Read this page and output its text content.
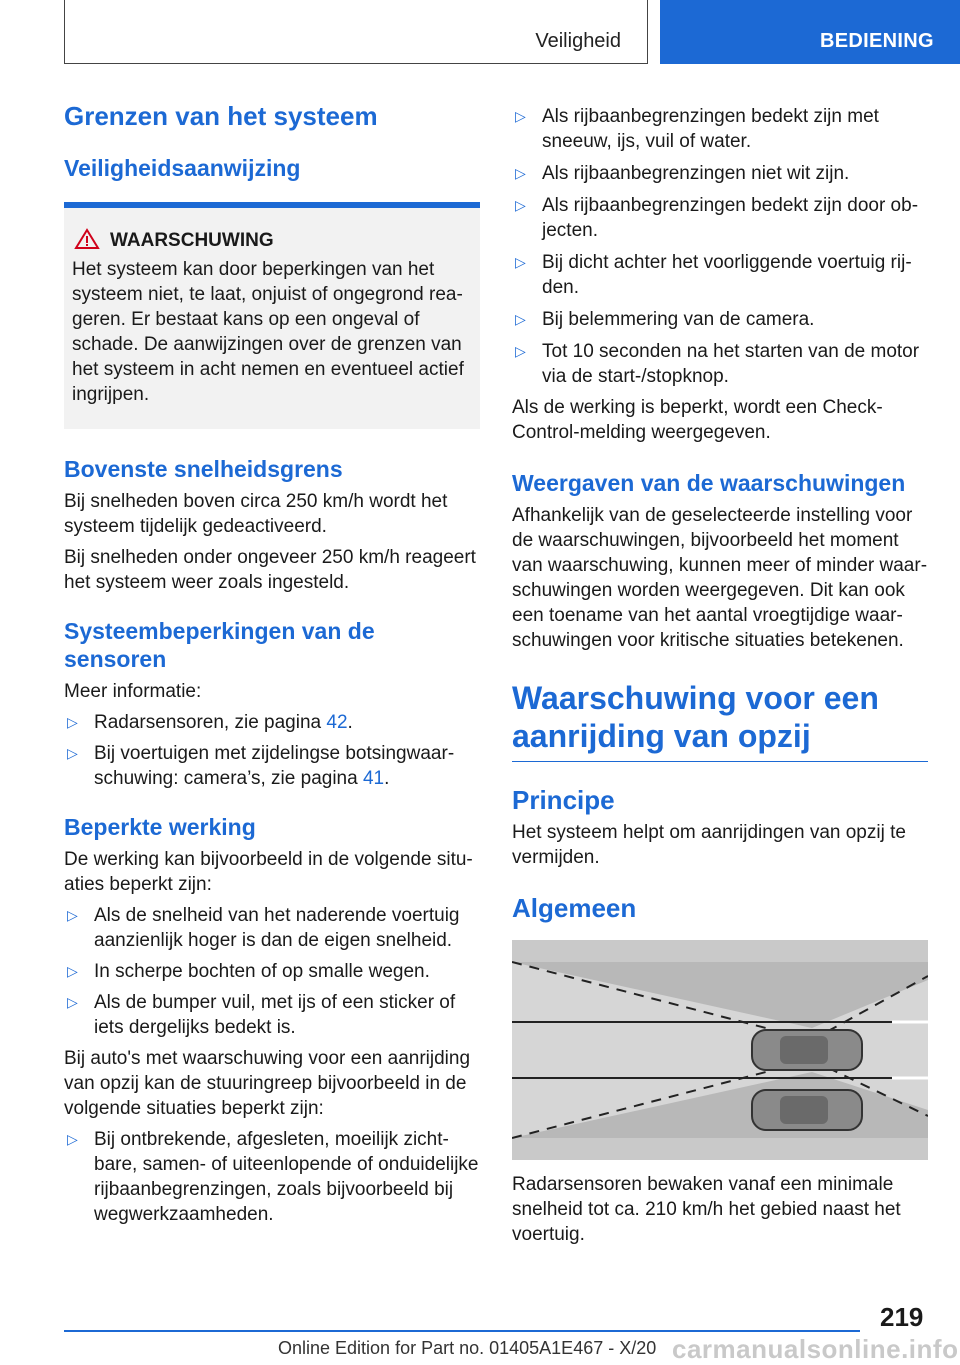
Veiligheid	BEDIENING
Grenzen van het systeem
Veiligheidsaanwijzing
WAARSCHUWING

Het systeem kan door beperkingen van het systeem niet, te laat, onjuist of ongegrond reageren. Er bestaat kans op een ongeval of schade. De aanwijzingen over de grenzen van het systeem in acht nemen en eventueel actief ingrijpen.

Bovenste snelheidsgrens

Bij snelheden boven circa 250 km/h wordt het systeem tijdelijk gedeactiveerd.

Bij snelheden onder ongeveer 250 km/h reageert het systeem weer zoals ingesteld.

Systeembeperkingen van de sensoren

Meer informatie:

▷ Radarsensoren, zie pagina 42.
▷ Bij voertuigen met zijdelingse botsingwaarschuwing: camera’s, zie pagina 41.
Beperkte werking

De werking kan bijvoorbeeld in de volgende situaties beperkt zijn:

▷ Als de snelheid van het naderende voertuig aanzienlijk hoger is dan de eigen snelheid.
▷ In scherpe bochten of op smalle wegen.
▷ Als de bumper vuil, met ijs of een sticker of iets dergelijks bedekt is.

Bij auto's met waarschuwing voor een aanrijding van opzij kan de stuuringreep bijvoorbeeld in de volgende situaties beperkt zijn:

▷ Bij ontbrekende, afgesleten, moeilijk zichtbare, samen- of uiteenlopende of onduidelijke rijbaanbegrenzingen, zoals bijvoorbeeld bij wegwerkzaamheden.
▷ Als rijbaanbegrenzingen bedekt zijn met sneeuw, ijs, vuil of water.
▷ Als rijbaanbegrenzingen niet wit zijn.
▷ Als rijbaanbegrenzingen bedekt zijn door objecten.
▷ Bij dicht achter het voorliggende voertuig rijden.
▷ Bij belemmering van de camera.
▷ Tot 10 seconden na het starten van de motor via de start-/stopknop.

Als de werking is beperkt, wordt een Check-Control-melding weergegeven.

Weergaven van de waarschuwingen

Afhankelijk van de geselecteerde instelling voor de waarschuwingen, bijvoorbeeld het moment van waarschuwing, kunnen meer of minder waarschuwingen worden weergegeven. Dit kan ook een toename van het aantal vroegtijdige waarschuwingen voor kritische situaties betekenen.

Waarschuwing voor een aanrijding van opzij
Principe

Het systeem helpt om aanrijdingen van opzij te vermijden.

Algemeen

Radarsensoren bewaken vanaf een minimale snelheid tot ca. 210 km/h het gebied naast het voertuig.

219
Online Edition for Part no. 01405A1E467 - X/20 carmanualsonline.info
